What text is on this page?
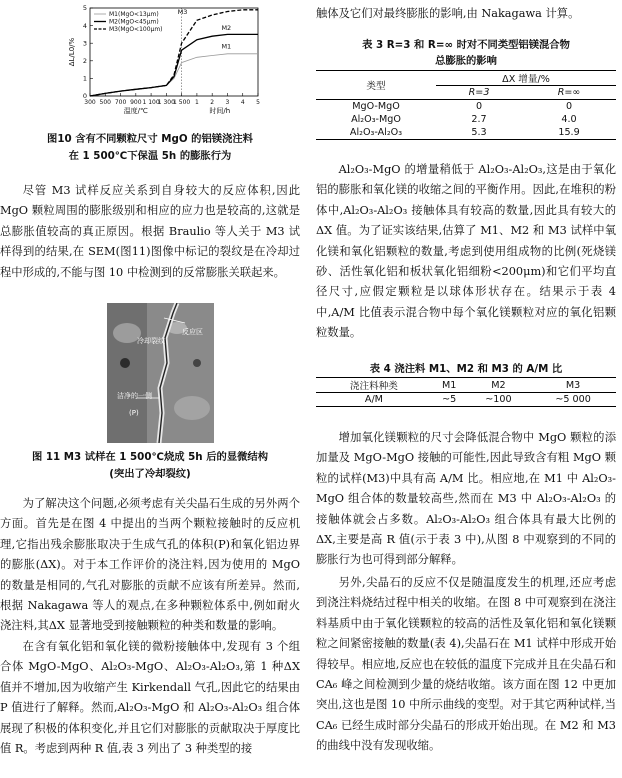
0
1
2
3
4
5
300 500 700 900 1 100
1 300
1 500 1 2 3 4 5
温度/℃	时间/h
ΔL/L0/%
M1(MgO<13μm)
M2(MgO<45μm)
M3(MgO<100μm)
M3
M2
M1
图10 含有不同颗粒尺寸 MgO 的铝镁浇注料
在 1 500℃下保温 5h 的膨胀行为

尽管 M3 试样反应关系到自身较大的反应体积,因此 MgO 颗粒周围的膨胀级别和相应的应力也是较高的,这就是总膨胀值较高的真正原因。根据 Braulio 等人关于 M3 试样得到的结果,在 SEM(图11)图像中标记的裂纹是在冷却过程中形成的,不能与图 10 中检测到的反常膨胀关联起来。

冷却裂纹
反应区
洁净的一侧
(P)
图 11 M3 试样在 1 500℃烧成 5h 后的显微结构
(突出了冷却裂纹)

为了解决这个问题,必须考虑有关尖晶石生成的另外两个方面。首先是在图 4 中提出的当两个颗粒接触时的反应机理,它指出残余膨胀取决于生成气孔的体积(P)和氧化铝边界的膨胀(ΔX)。对于本工作评价的浇注料,因为使用的 MgO 的数量是相同的,气孔对膨胀的贡献不应该有所差异。然而,根据 Nakagawa 等人的观点,在多种颗粒体系中,例如耐火浇注料,其ΔX 显著地受到接触颗粒的种类和数量的影响。

在含有氧化铝和氧化镁的微粉接触体中,发现有 3 个组合体 MgO-MgO、Al₂O₃-MgO、Al₂O₃-Al₂O₃,第 1 种ΔX 值并不增加,因为收缩产生 Kirkendall 气孔,因此它的结果由 P 值进行了解释。然而,Al₂O₃-MgO 和 Al₂O₃-Al₂O₃ 组合体展现了积极的体积变化,并且它们对膨胀的贡献取决于厚度比值 R。考虑到两种 R 值,表 3 列出了 3 种类型的接

触体及它们对最终膨胀的影响,由 Nakagawa 计算。

表 3 R=3 和 R=∞ 时对不同类型铝镁混合物
总膨胀的影响
类型	ΔX 增量/%	
	R=3	R=∞
MgO-MgO	0	0
Al₂O₃-MgO	2.7	4.0
Al₂O₃-Al₂O₃	5.3	15.9

Al₂O₃-MgO 的增量稍低于 Al₂O₃-Al₂O₃,这是由于氧化铝的膨胀和氧化镁的收缩之间的平衡作用。因此,在堆积的粉体中,Al₂O₃-Al₂O₃ 接触体具有较高的数量,因此具有较大的ΔX 值。为了证实该结果,估算了 M1、M2 和 M3 试样中氧化镁和氧化铝颗粒的数量,考虑到使用组成物的比例(死烧镁砂、活性氧化铝和板状氧化铝细粉<200μm)和它们平均直径尺寸,应假定颗粒是以球体形状存在。结果示于表 4 中,A/M 比值表示混合物中每个氧化镁颗粒对应的氧化铝颗粒数量。

表 4 浇注料 M1、M2 和 M3 的 A/M 比
浇注料种类	M1	M2	M3
A/M	~5	~100	~5 000

增加氧化镁颗粒的尺寸会降低混合物中 MgO 颗粒的添加量及 MgO-MgO 接触的可能性,因此导致含有粗 MgO 颗粒的试样(M3)中具有高 A/M 比。相应地,在 M1 中 Al₂O₃-MgO 组合体的数量较高些,然而在 M3 中 Al₂O₃-Al₂O₃ 的接触体就会占多数。Al₂O₃-Al₂O₃ 组合体具有最大比例的ΔX,主要是高 R 值(示于表 3 中),从图 8 中观察到的不同的膨胀行为也可得到部分解释。

另外,尖晶石的反应不仅是随温度发生的机理,还应考虑到浇注料烧结过程中相关的收缩。在图 8 中可观察到在浇注料基质中由于氧化镁颗粒的较高的活性及氧化铝和氧化镁颗粒之间紧密接触的数量(表 4),尖晶石在 M1 试样中形成开始得较早。相应地,反应也在较低的温度下完成并且在尖晶石和 CA₆ 峰之间检测到少量的烧结收缩。该方面在图 12 中更加突出,这也是图 10 中所示曲线的变型。对于其它两种试样,当 CA₆ 已经生成时部分尖晶石的形成开始出现。在 M2 和 M3 的曲线中没有发现收缩。
